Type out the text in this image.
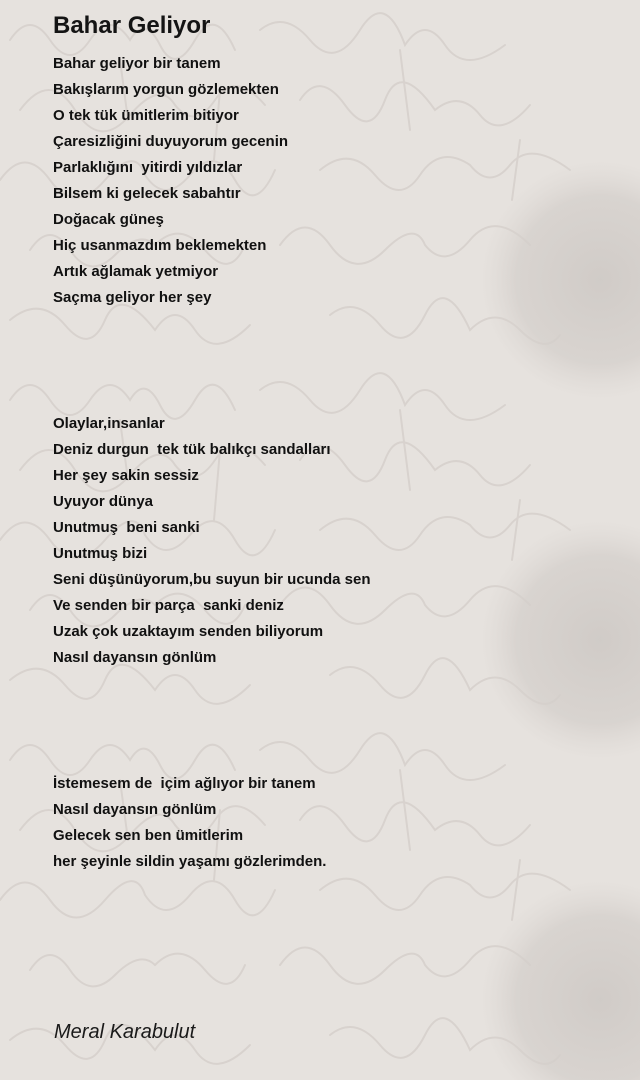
Bahar Geliyor
Bahar geliyor bir tanem
Bakışlarım yorgun gözlemekten
O tek tük ümitlerim bitiyor
Çaresizliğini duyuyorum gecenin
Parlaklığını  yitirdi yıldızlar
Bilsem ki gelecek sabahtır
Doğacak güneş
Hiç usanmazdım beklemekten
Artık ağlamak yetmiyor
Saçma geliyor her şey
Olaylar,insanlar
Deniz durgun  tek tük balıkçı sandalları
Her şey sakin sessiz
Uyuyor dünya
Unutmuş  beni sanki
Unutmuş bizi
Seni düşünüyorum,bu suyun bir ucunda sen
Ve senden bir parça  sanki deniz
Uzak çok uzaktayım senden biliyorum
Nasıl dayansın gönlüm
İstemesem de  içim ağlıyor bir tanem
Nasıl dayansın gönlüm
Gelecek sen ben ümitlerim
her şeyinle sildin yaşamı gözlerimden.

Meral Karabulut
